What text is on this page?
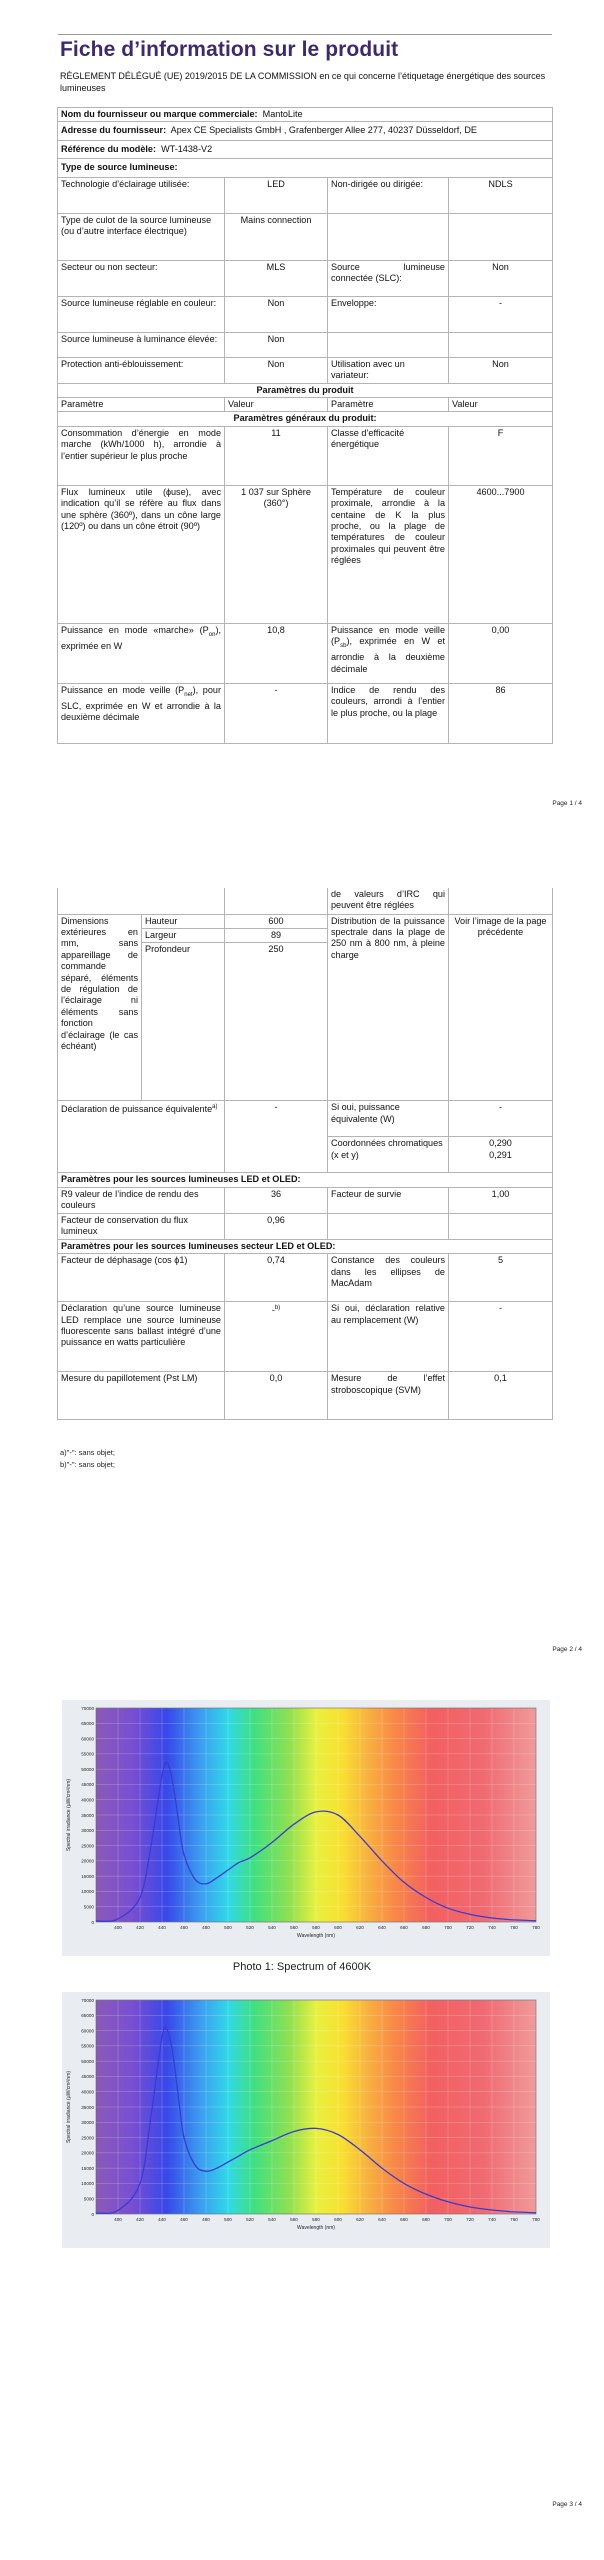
Fiche d’information sur le produit
RÈGLEMENT DÉLÉGUÉ (UE) 2019/2015 DE LA COMMISSION en ce qui concerne l’étiquetage énergétique des sources lumineuses
Nom du fournisseur ou marque commerciale: MantoLite			
Adresse du fournisseur: Apex CE Specialists GmbH , Grafenberger Allee 277, 40237 Düsseldorf, DE			
Référence du modèle: WT-1438-V2			
Type de source lumineuse:			
Technologie d’éclairage utilisée:	LED	Non-dirigée ou dirigée:	NDLS
Type de culot de la source lumineuse (ou d’autre interface électrique)	Mains connection		
Secteur ou non secteur:	MLS	Source lumineuse connectée (SLC):	Non
Source lumineuse réglable en couleur:	Non	Enveloppe:	-
Source lumineuse à luminance élevée:	Non		
Protection anti-éblouissement:	Non	Utilisation avec un variateur:	Non
Paramètres du produit			
Paramètre	Valeur	Paramètre	Valeur
Paramètres généraux du produit:			
Consommation d’énergie en mode marche (kWh/1000 h), arrondie à l’entier supérieur le plus proche	11	Classe d’efficacité énergétique	F
Flux lumineux utile (ɸuse), avec indication qu’il se réfère au flux dans une sphère (360º), dans un cône large (120º) ou dans un cône étroit (90º)	1 037 sur Sphère (360°)	Température de couleur proximale, arrondie à la centaine de K la plus proche, ou la plage de températures de couleur proximales qui peuvent être réglées	4600...7900
Puissance en mode «marche» $(P_{on})$, exprimée en W	10,8	Puissance en mode veille $(P_{sb})$, exprimée en W et arrondie à la deuxième décimale	0,00
Puissance en mode veille $(P_{net})$, pour SLC, exprimée en W et arrondie à la deuxième décimale	-	Indice de rendu des couleurs, arrondi à l’entier le plus proche, ou la plage	86
Page 1 / 4
			de valeurs d’IRC qui peuvent être réglées	
Dimensions extérieures en mm, sans appareillage de commande séparé, éléments de régulation de l’éclairage ni éléments sans fonction d’éclairage (le cas échéant)	Hauteur	600	Distribution de la puissance spectrale dans la plage de 250 nm à 800 nm, à pleine charge	Voir l’image de la page précédente
	Largeur	89		
	Profondeur	250		
Déclaration de puissance équivalente$^{a)}$		-	Si oui, puissance équivalente (W)	-
			Coordonnées chromatiques (x et y)	0,290
0,291

Paramètres pour les sources lumineuses LED et OLED:				
R9 valeur de l’indice de rendu des couleurs		36	Facteur de survie	1,00
Facteur de conservation du flux lumineux		0,96		
Paramètres pour les sources lumineuses secteur LED et OLED:				
Facteur de déphasage (cos ϕ1)		0,74	Constance des couleurs dans les ellipses de MacAdam	5
Déclaration qu’une source lumineuse LED remplace une source lumineuse fluorescente sans ballast intégré d’une puissance en watts particulière		-$^{b)}$	Si oui, déclaration relative au remplacement (W)	-
Mesure du papillotement (Pst LM)		0,0	Mesure de l’effet stroboscopique (SVM)	0,1
a)"-": sans objet;
b)"-": sans objet;
Page 2 / 4
0
5000
10000
15000
20000
25000
30000
35000
40000
45000
50000
55000
60000
65000
70000
400	420	440	460	480	500	520	540	560	580	600	620	640	660	680	700	720	740	760	780
Wavelength (nm)
Spectral irradiance (µW/cm²/nm)
Photo 1: Spectrum of 4600K
0
5000
10000
15000
20000
25000
30000
35000
40000
45000
50000
55000
60000
65000
70000
400	420	440	460	480	500	520	540	560	580	600	620	640	660	680	700	720	740	760	780
Wavelength (nm)
Spectral irradiance (µW/cm²/nm)
Page 3 / 4
